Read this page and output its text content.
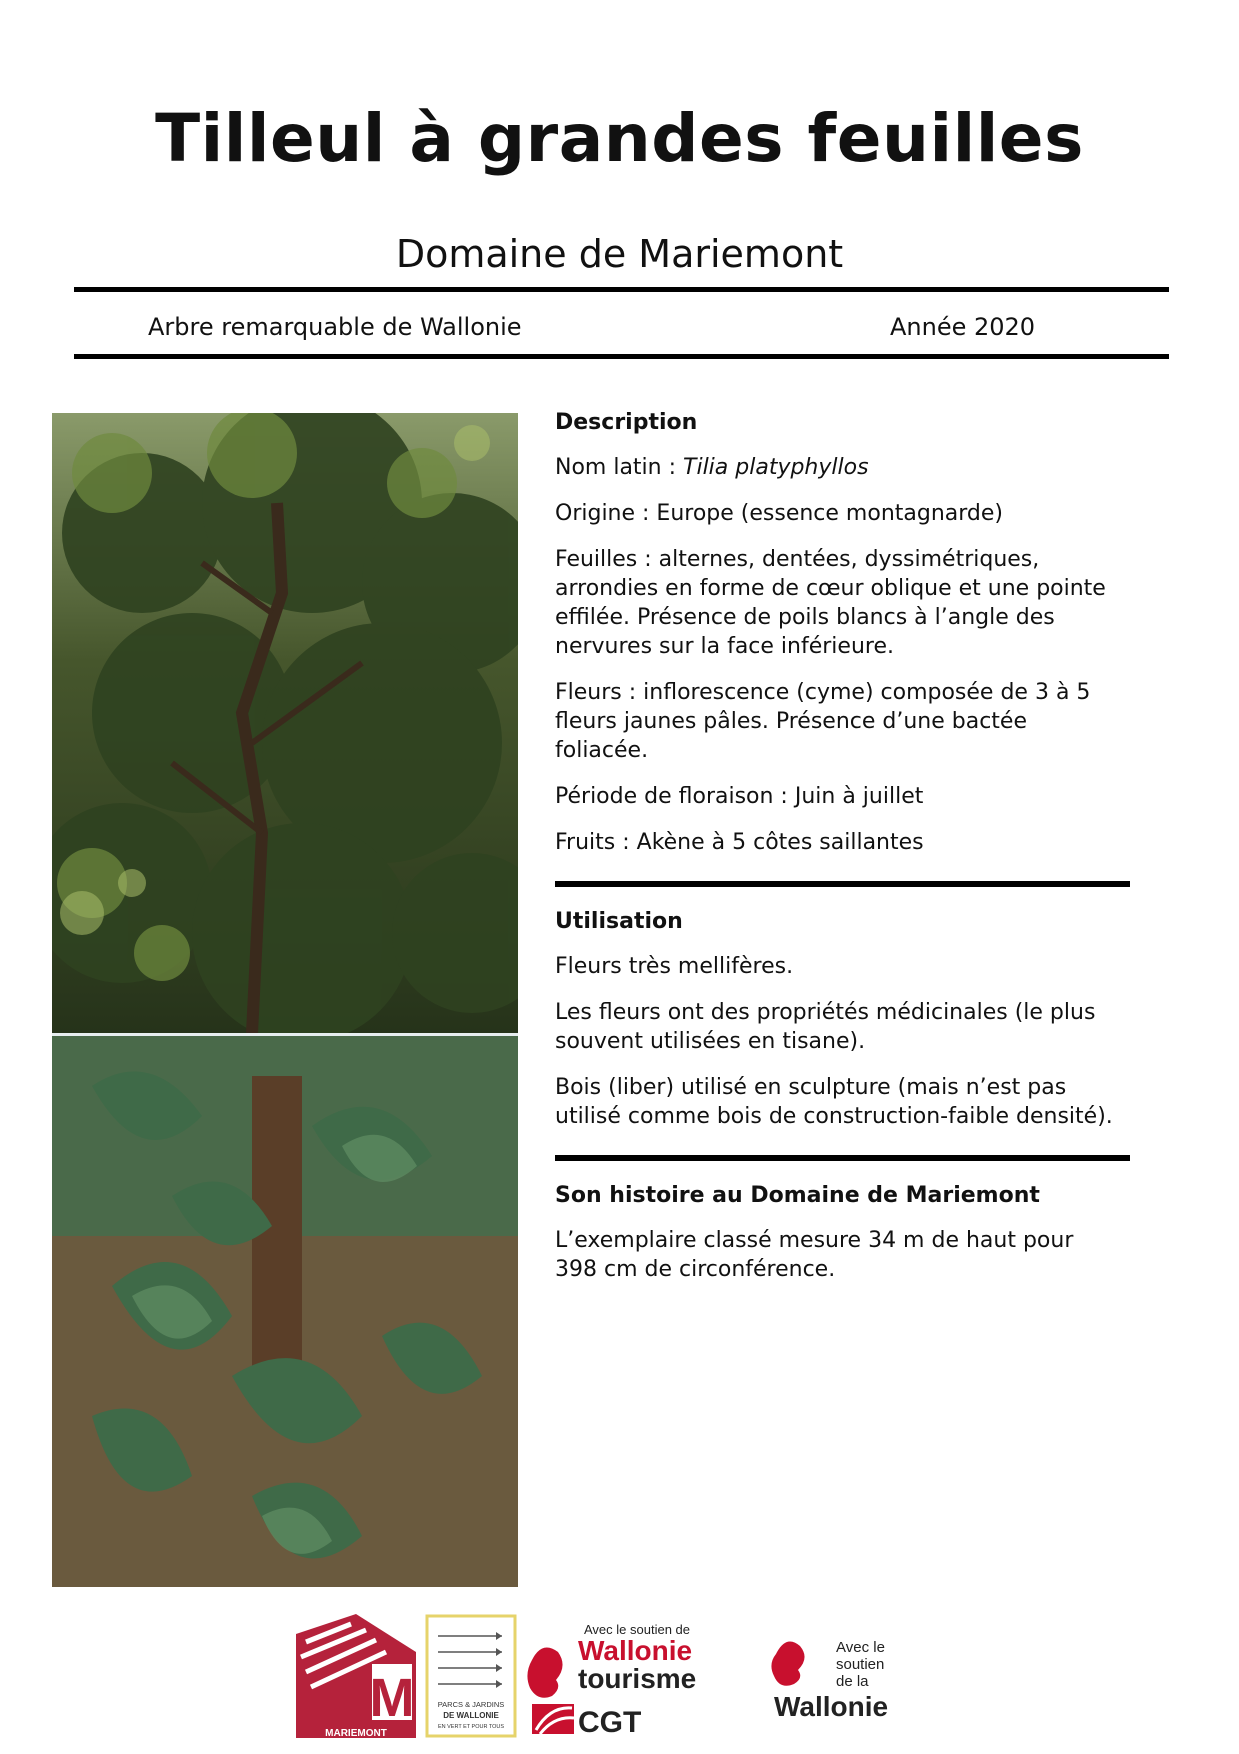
Tilleul à grandes feuilles
Domaine de Mariemont
Arbre remarquable de Wallonie	Année 2020
Description
Nom latin : Tilia platyphyllos
Origine : Europe (essence montagnarde)
Feuilles : alternes, dentées, dyssimétriques, arrondies en forme de cœur oblique et une pointe effilée. Présence de poils blancs à l’angle des nervures sur la face inférieure.
Fleurs : inflorescence (cyme) composée de 3 à 5 fleurs jaunes pâles. Présence d’une bactée foliacée.
Période de floraison : Juin à juillet
Fruits : Akène à 5 côtes saillantes
Utilisation
Fleurs très mellifères.
Les fleurs ont des propriétés médicinales (le plus souvent utilisées en tisane).
Bois (liber) utilisé en sculpture (mais n’est pas utilisé comme bois de construction-faible densité).
Son histoire au Domaine de Mariemont
L’exemplaire classé mesure 34 m de haut pour 398 cm de circonférence.
M
MARIEMONT
PARCS & JARDINS
DE WALLONIE
EN VERT ET POUR TOUS
Avec le soutien de
Wallonie
tourisme
CGT
Avec le
soutien
de la
Wallonie
